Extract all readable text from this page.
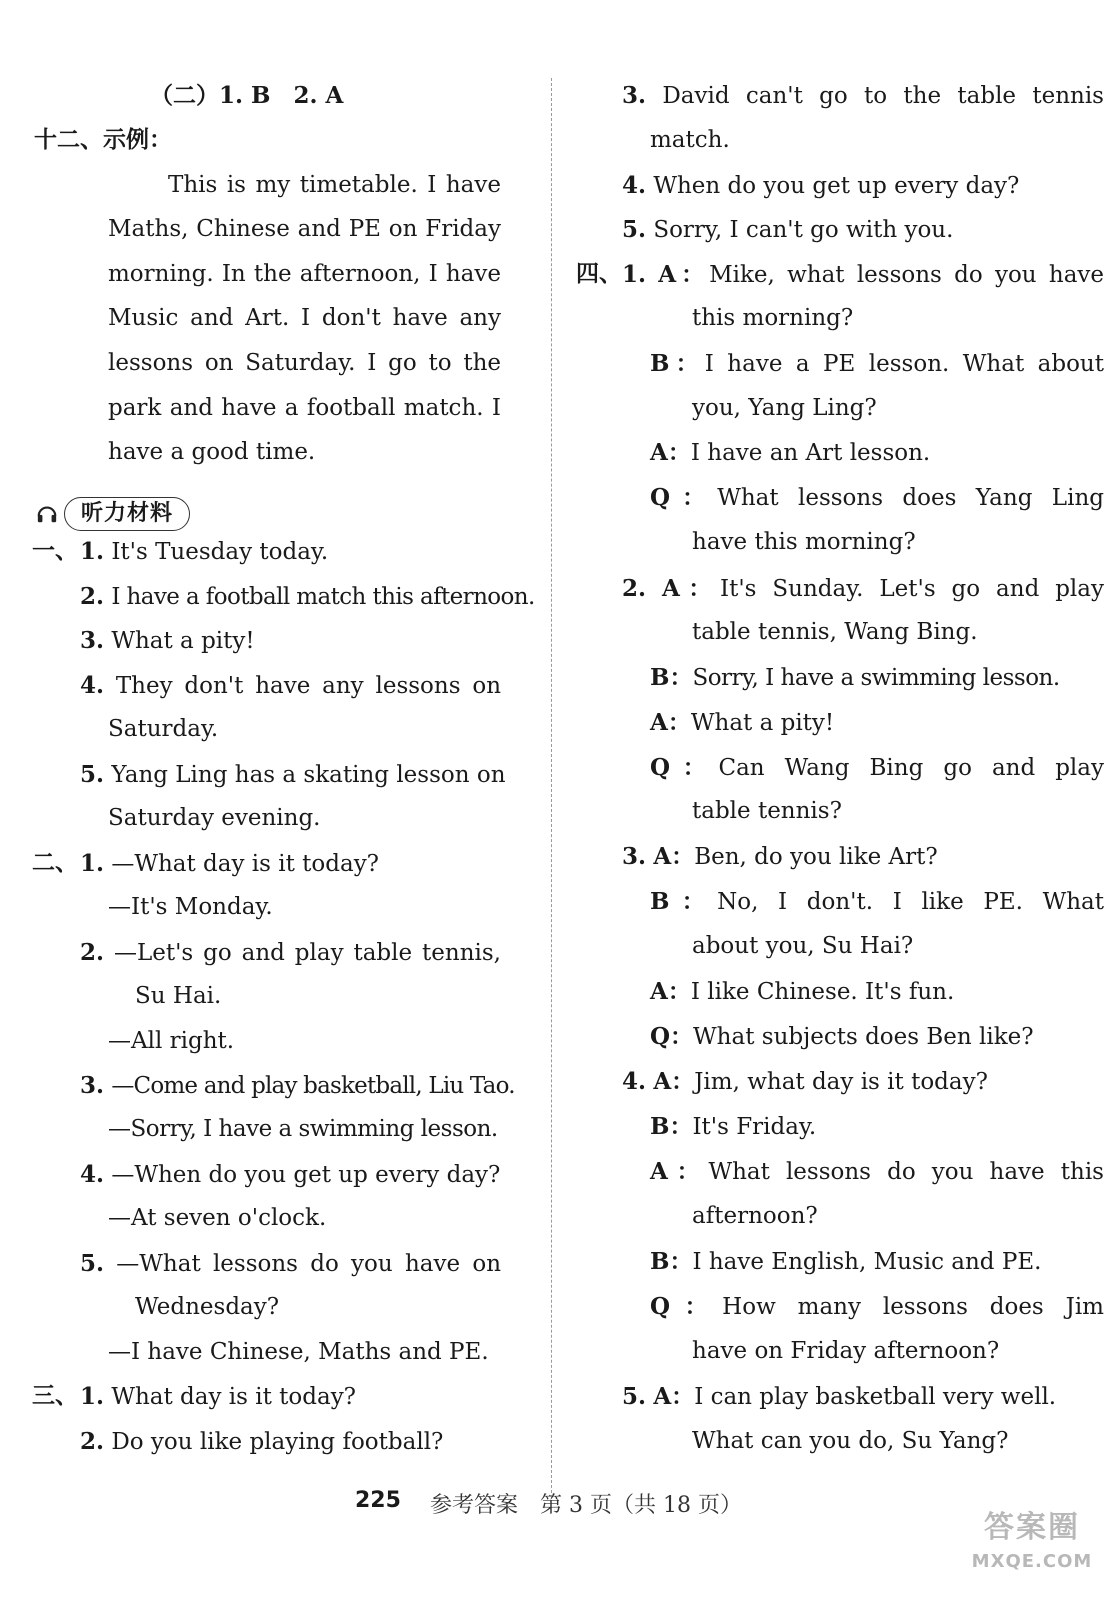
（二）1. B　2. A
十二、示例：
This is my timetable. I have
Maths, Chinese and PE on Friday
morning. In the afternoon, I have
Music and Art. I don't have any
lessons on Saturday. I go to the
park and have a football match. I
have a good time.
听力材料
一、 1. It's Tuesday today.
2. I have a football match this afternoon.
3. What a pity!
4. They don't have any lessons on
Saturday.
5. Yang Ling has a skating lesson on
Saturday evening.
二、 1. —What day is it today?
—It's Monday.
2. —Let's go and play table tennis,
Su Hai.
—All right.
3. —Come and play basketball, Liu Tao.
—Sorry, I have a swimming lesson.
4. —When do you get up every day?
—At seven o'clock.
5. —What lessons do you have on
Wednesday?
—I have Chinese, Maths and PE.
三、 1. What day is it today?
2. Do you like playing football?
3. David can't go to the table tennis
match.
4. When do you get up every day?
5. Sorry, I can't go with you.
四、 1. A：Mike, what lessons do you have
this morning?
B：I have a PE lesson. What about
you, Yang Ling?
A：I have an Art lesson.
Q：What lessons does Yang Ling
have this morning?
2. A：It's Sunday. Let's go and play
table tennis, Wang Bing.
B：Sorry, I have a swimming lesson.
A：What a pity!
Q：Can Wang Bing go and play
table tennis?
3. A：Ben, do you like Art?
B：No, I don't. I like PE. What
about you, Su Hai?
A：I like Chinese. It's fun.
Q：What subjects does Ben like?
4. A：Jim, what day is it today?
B：It's Friday.
A：What lessons do you have this
afternoon?
B：I have English, Music and PE.
Q：How many lessons does Jim
have on Friday afternoon?
5. A：I can play basketball very well.
What can you do, Su Yang?
225 参考答案　第 3 页（共 18 页）
答案圈
MXQE.COM
